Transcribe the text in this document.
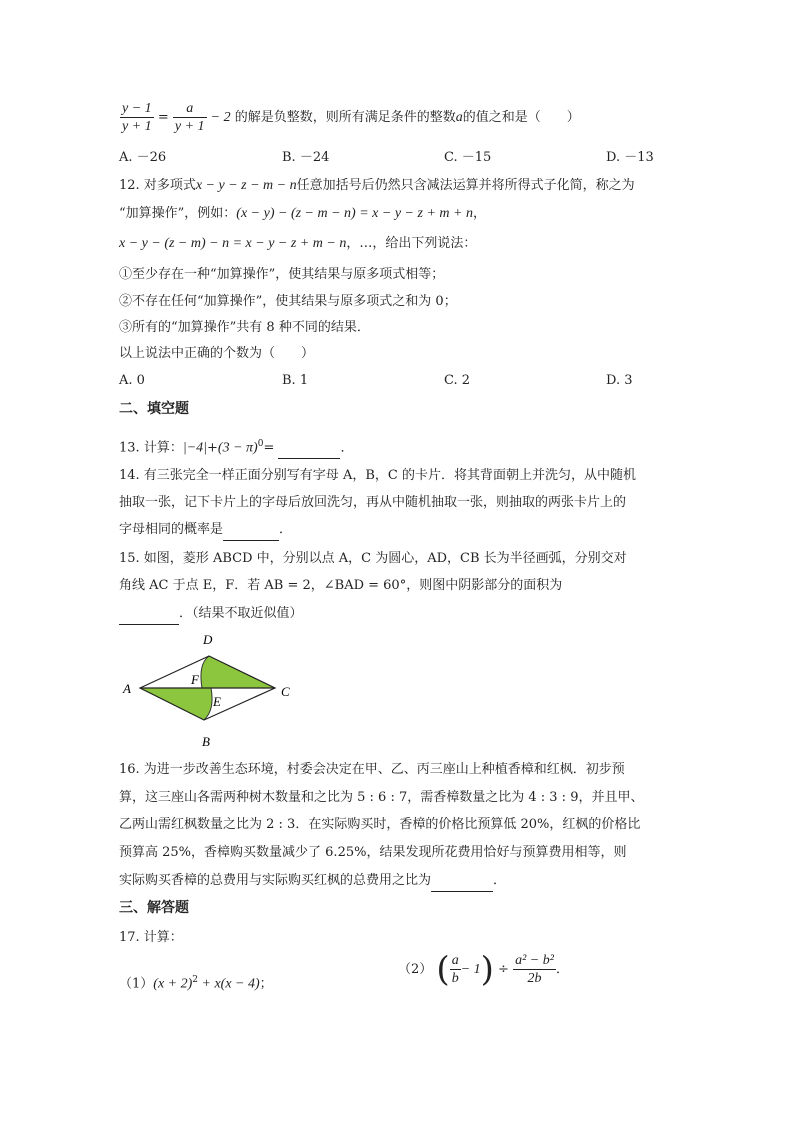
$\frac{y - 1}{y + 1} = \frac{a}{y + 1} - 2$ 的解是负整数，则所有满足条件的整数a的值之和是（　　）
A. －26	B. －24	C. －15	D. －13
12. 对多项式x − y − z − m − n任意加括号后仍然只含减法运算并将所得式子化简，称之为
“加算操作”，例如：(x − y) − (z − m − n) = x − y − z + m + n，
x − y − (z − m) − n = x − y − z + m − n，…，给出下列说法：
①至少存在一种“加算操作”，使其结果与原多项式相等；
②不存在任何“加算操作”，使其结果与原多项式之和为 0；
③所有的“加算操作”共有 8 种不同的结果．
以上说法中正确的个数为（　　）
A. 0	B. 1	C. 2	D. 3
二、填空题
13. 计算：$|-4|+(3 - \pi)^0=$	．
14. 有三张完全一样正面分别写有字母 A，B，C 的卡片．将其背面朝上并洗匀，从中随机
抽取一张，记下卡片上的字母后放回洗匀，再从中随机抽取一张，则抽取的两张卡片上的
字母相同的概率是	．
15. 如图，菱形 ABCD 中，分别以点 A，C 为圆心，AD，CB 长为半径画弧，分别交对
角线 AC 于点 E，F．若 AB = 2，∠BAD = 60°，则图中阴影部分的面积为
．（结果不取近似值）
D
A	C
B
F
E
16. 为进一步改善生态环境，村委会决定在甲、乙、丙三座山上种植香樟和红枫．初步预
算，这三座山各需两种树木数量和之比为 5 : 6 : 7，需香樟数量之比为 4 : 3 : 9，并且甲、
乙两山需红枫数量之比为 2 : 3．在实际购买时，香樟的价格比预算低 20%，红枫的价格比
预算高 25%，香樟购买数量减少了 6.25%，结果发现所花费用恰好与预算费用相等，则
实际购买香樟的总费用与实际购买红枫的总费用之比为	．
三、解答题
17. 计算：
$(1)(x + 2)^2 + x(x - 4)$；
（2） ( $\frac{a}{b} - 1) \div \frac{\text{a² − b²}}{2b}$ ．
